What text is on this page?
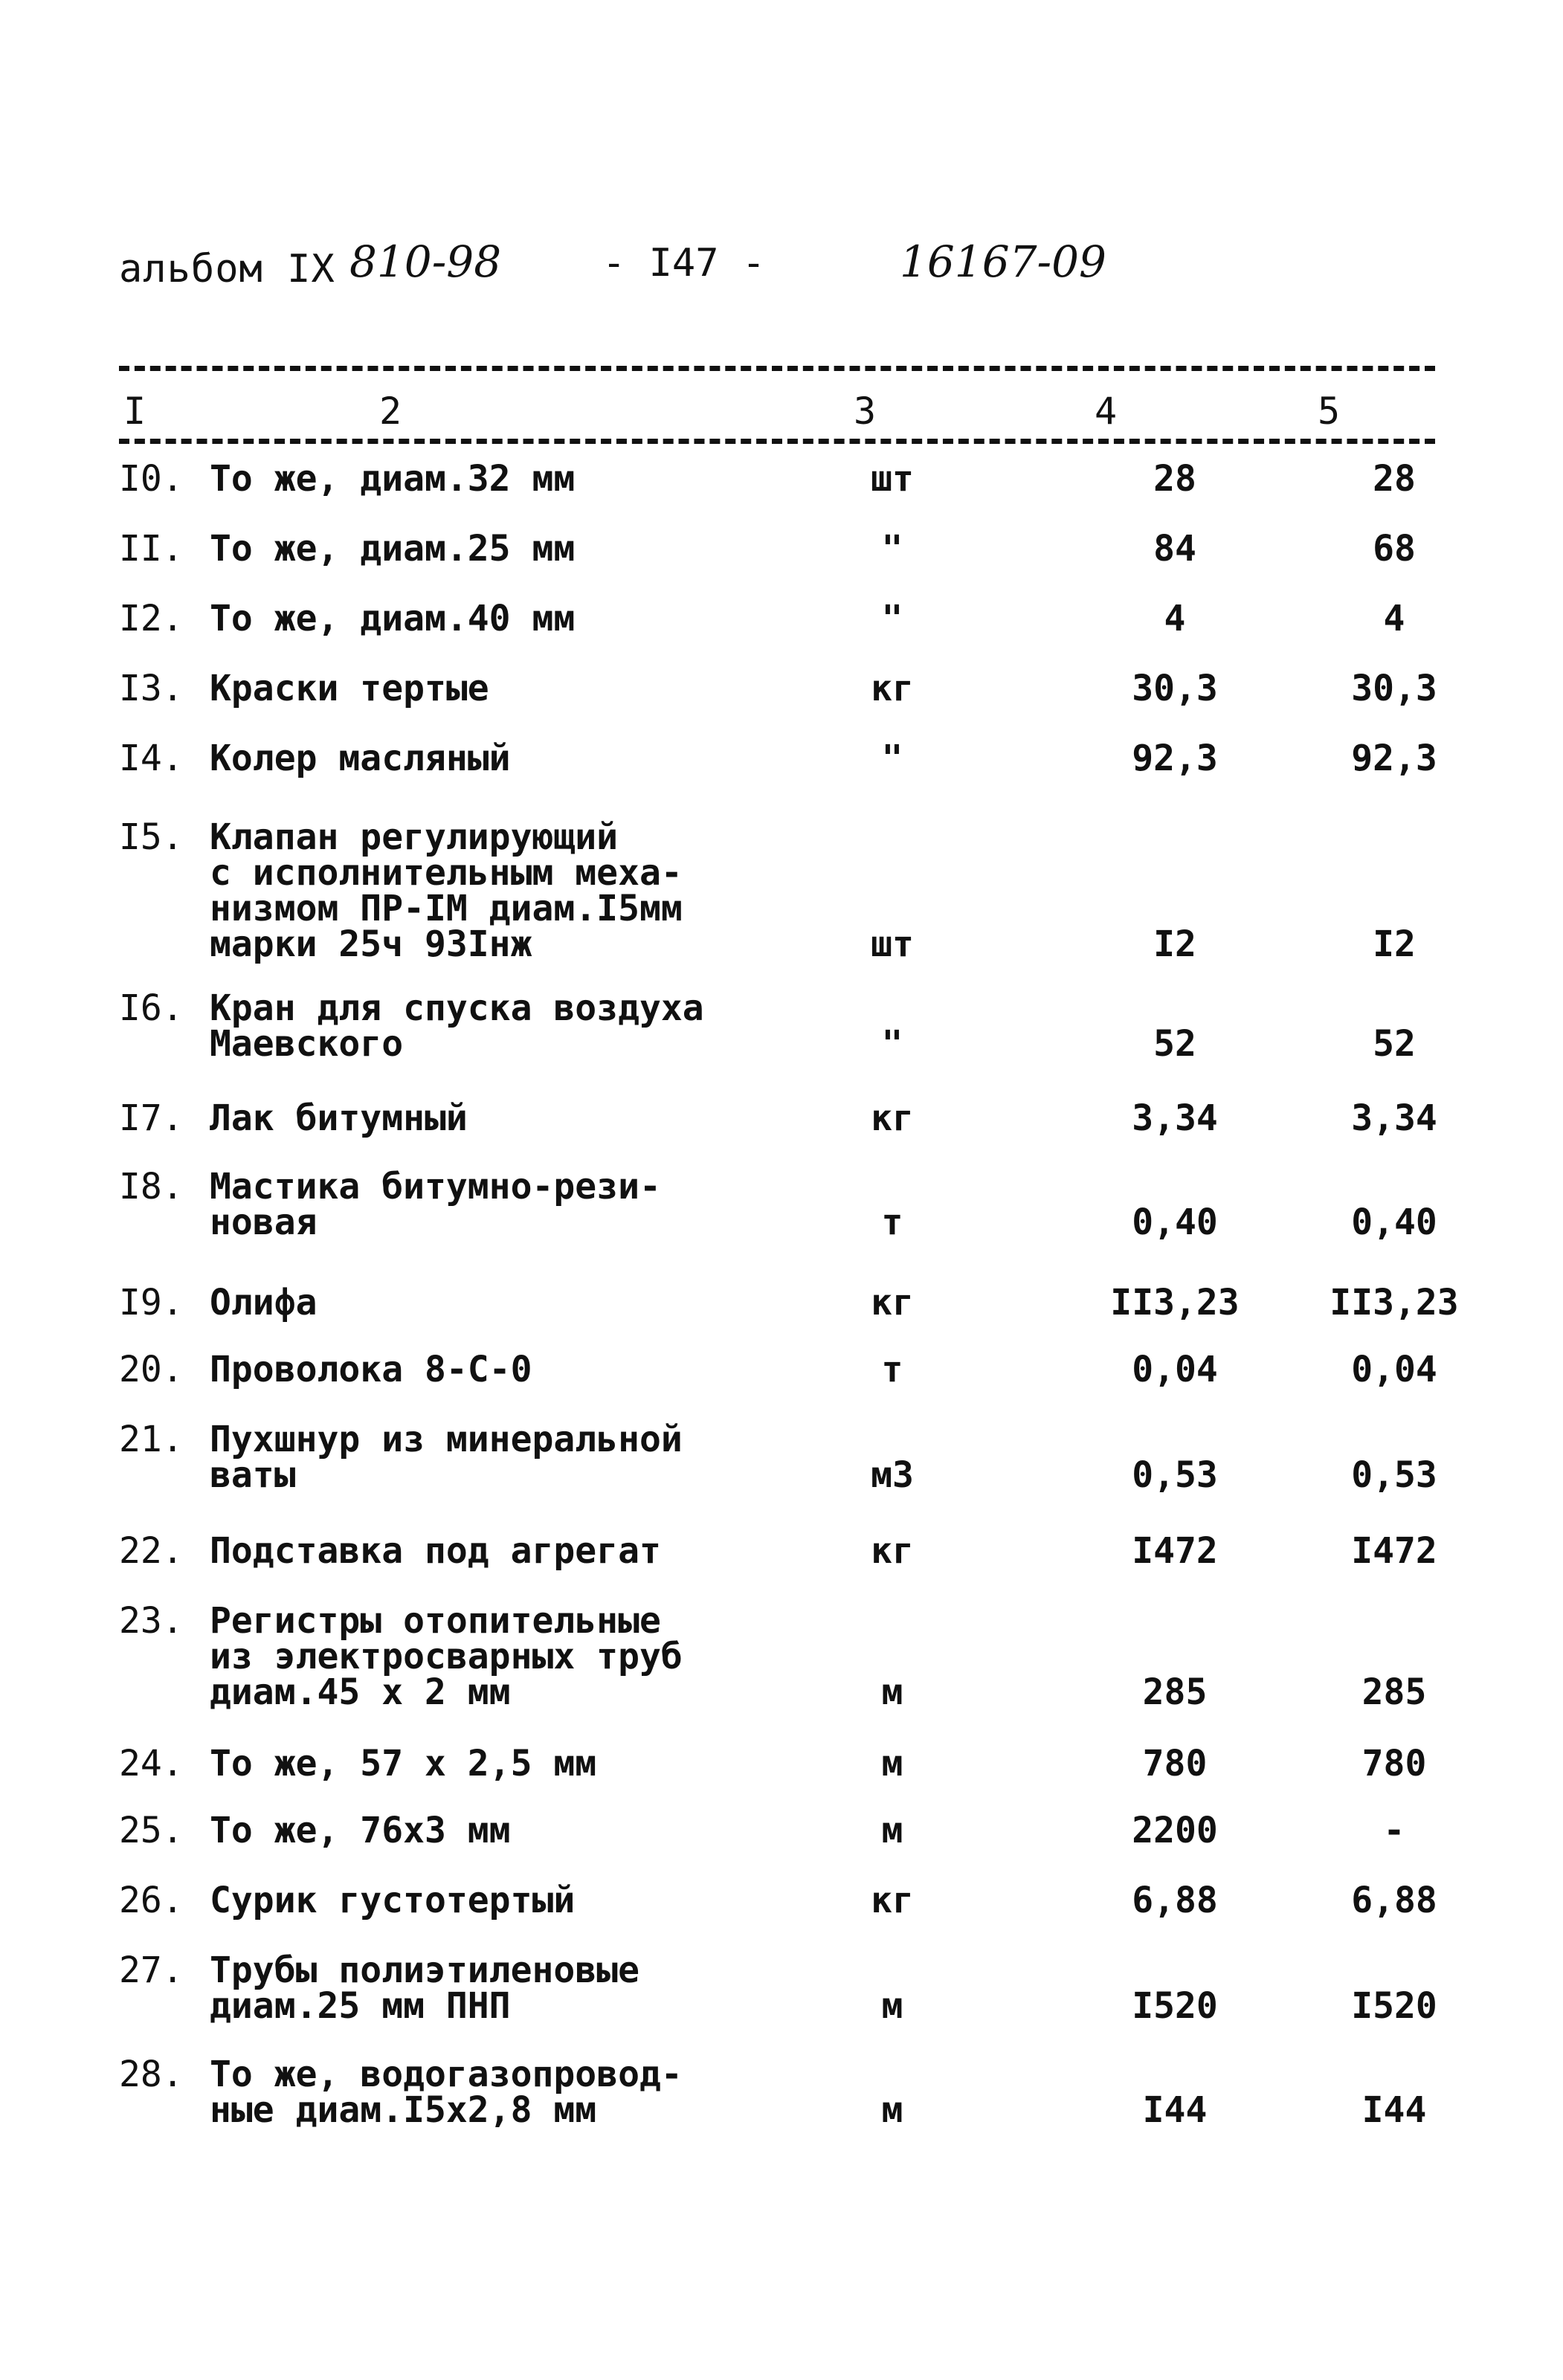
альбом IX 810-98	- I47 -	16167-09
I	2	3	4	5
I0. То же, диам.32 мм	шт	28	28
II. То же, диам.25 мм	"	84	68
I2. То же, диам.40 мм	"	4	4
I3. Краски тертые	кг	30,3	30,3
I4. Колер масляный	"	92,3	92,3
I5. Клапан регулирующий
с исполнительным меха-
низмом ПР-IМ диам.I5мм
марки 25ч 93Iнж	шт	I2	I2
I6. Кран для спуска воздуха
Маевского	"	52	52
I7. Лак битумный	кг	3,34	3,34
I8. Мастика битумно-рези-
новая	т	0,40	0,40
I9. Олифа	кг	II3,23	II3,23
20. Проволока 8-С-0	т	0,04	0,04
21. Пухшнур из минеральной
ваты	м3	0,53	0,53
22. Подставка под агрегат	кг	I472	I472
23. Регистры отопительные
из электросварных труб
диам.45 х 2 мм	м	285	285
24. То же, 57 х 2,5 мм	м	780	780
25. То же, 76х3 мм	м	2200	-
26. Сурик густотертый	кг	6,88	6,88
27. Трубы полиэтиленовые
диам.25 мм ПНП	м	I520	I520
28. То же, водогазопровод-
ные диам.I5х2,8 мм	м	I44	I44
